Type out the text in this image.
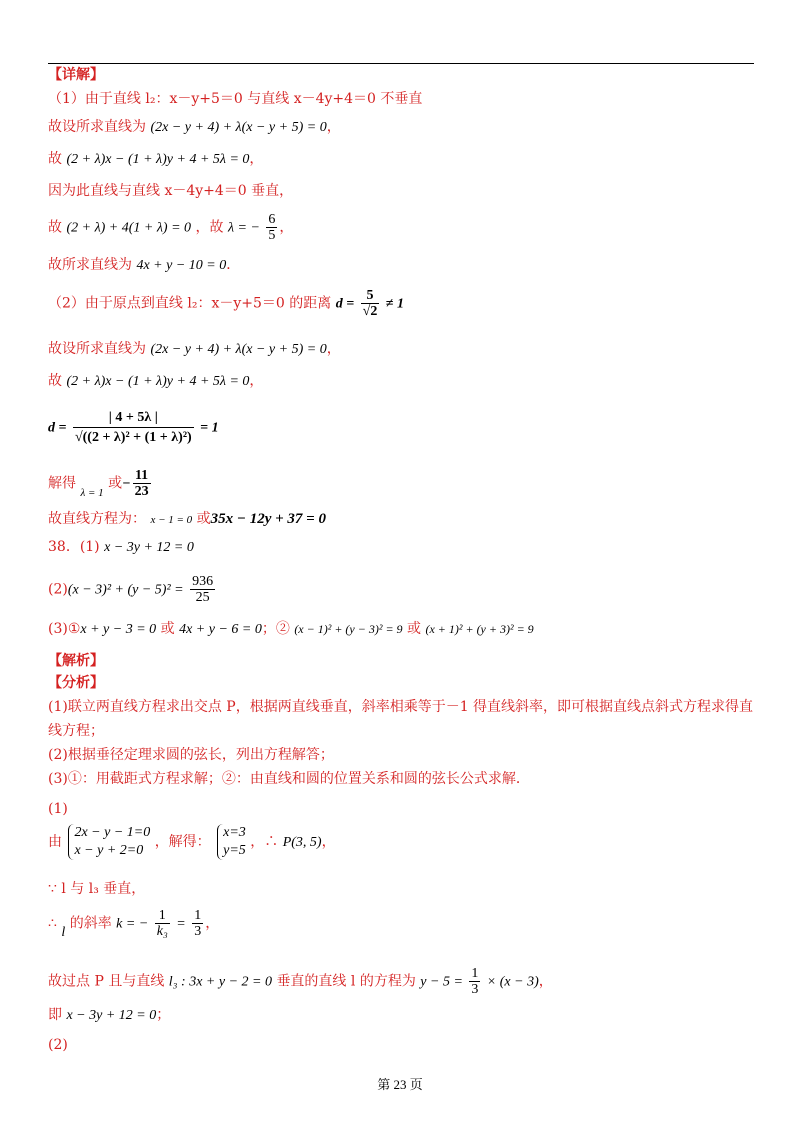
【详解】
（1）由于直线 l₂：x－y+5＝0 与直线 x－4y+4＝0 不垂直
故设所求直线为 (2x − y + 4) + λ(x − y + 5) = 0，
故 (2 + λ)x − (1 + λ)y + 4 + 5λ = 0，
因为此直线与直线 x－4y+4＝0 垂直，
故 (2 + λ) + 4(1 + λ) = 0 ，故 λ = − $\frac{6}{5}$ ，
故所求直线为 4x + y − 10 = 0．
（2）由于原点到直线 l₂：x－y+5＝0 的距离 $d = \frac{5}{√2} \ne 1$
故设所求直线为 (2x − y + 4) + λ(x − y + 5) = 0，
故 (2 + λ)x − (1 + λ)y + 4 + 5λ = 0，
$d = \frac{| 4 + 5\lambda |}{\text{√((2 + λ)² + (1 + λ)²)}} = 1$
解得 $_{\lambda = 1}$ 或− $\frac{11}{23}$
故直线方程为： x − 1 = 0 或35x − 12y + 37 = 0
38．(1) x − 3y + 12 = 0
$(2)(x - 3)^2 + (y - 5)^2 = \frac{936}{25}$
(3)①x + y − 3 = 0 或 4x + y − 6 = 0；② (x − 1)² + (y − 3)² = 9 或 (x + 1)² + (y + 3)² = 9
【解析】
【分析】
(1)联立两直线方程求出交点 P，根据两直线垂直，斜率相乘等于－1 得直线斜率，即可根据直线点斜式方程求得直
线方程；
(2)根据垂径定理求圆的弦长，列出方程解答；
(3)①：用截距式方程求解；②：由直线和圆的位置关系和圆的弦长公式求解．
(1)
由
2x − y − 1=0
x − y + 2=0
，解得：
x=3
y=5
，∴ P(3, 5)，
∵ l 与 l₃ 垂直，
∴ l 的斜率 k = − $\frac{1}{\text{k₃}} = \frac{1}{3}$ ，
故过点 P 且与直线 l₃ : 3x + y − 2 = 0 垂直的直线 l 的方程为 $y - 5 = \frac{1}{3} \times (x - 3)$，
即 x − 3y + 12 = 0；
(2)
第 23 页
